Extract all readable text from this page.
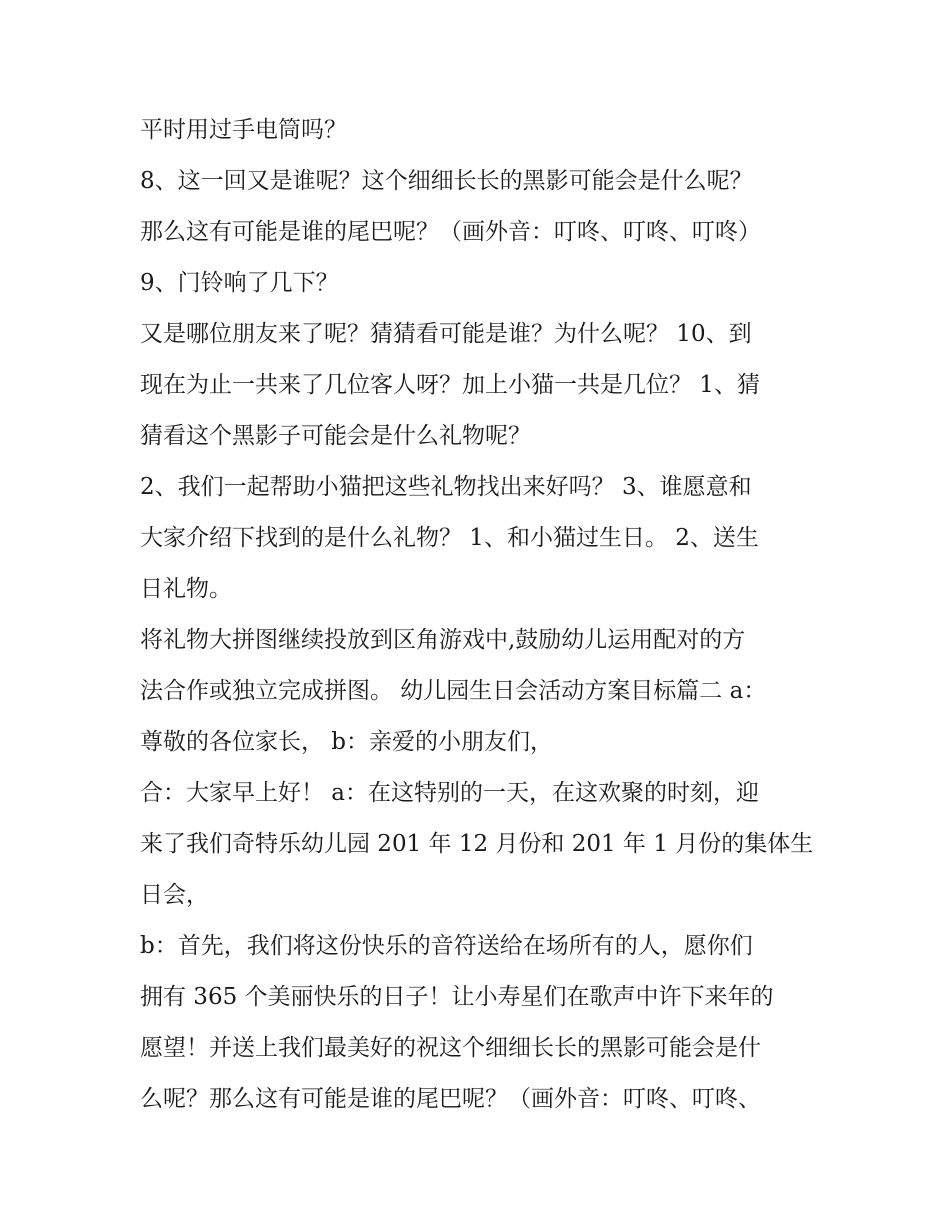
平时用过手电筒吗？
8、这一回又是谁呢？这个细细长长的黑影可能会是什么呢？
那么这有可能是谁的尾巴呢？（画外音：叮咚、叮咚、叮咚）
9、门铃响了几下？
又是哪位朋友来了呢？猜猜看可能是谁？为什么呢？ 10、到
现在为止一共来了几位客人呀？加上小猫一共是几位？ 1、猜
猜看这个黑影子可能会是什么礼物呢？
2、我们一起帮助小猫把这些礼物找出来好吗？ 3、谁愿意和
大家介绍下找到的是什么礼物？ 1、和小猫过生日。 2、送生
日礼物。
将礼物大拼图继续投放到区角游戏中,鼓励幼儿运用配对的方
法合作或独立完成拼图。 幼儿园生日会活动方案目标篇二 a：
尊敬的各位家长， b：亲爱的小朋友们，
合：大家早上好！ a：在这特别的一天，在这欢聚的时刻，迎
来了我们奇特乐幼儿园 201 年 12 月份和 201 年 1 月份的集体生
日会，
b：首先，我们将这份快乐的音符送给在场所有的人，愿你们
拥有 365 个美丽快乐的日子！让小寿星们在歌声中许下来年的
愿望！并送上我们最美好的祝这个细细长长的黑影可能会是什
么呢？那么这有可能是谁的尾巴呢？（画外音：叮咚、叮咚、
